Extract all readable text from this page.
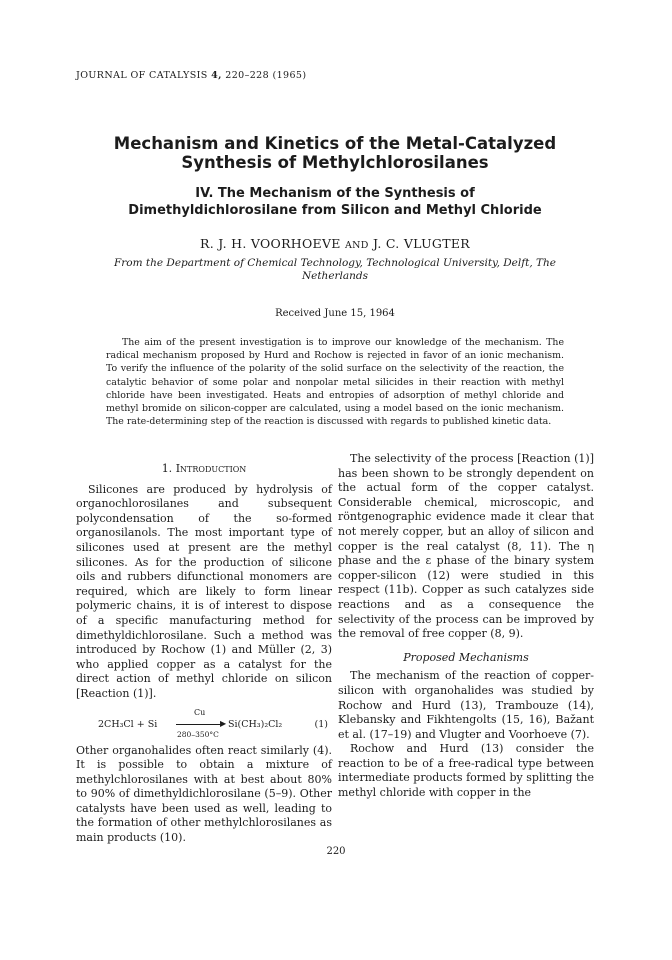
JOURNAL OF CATALYSIS 4, 220–228 (1965)
Mechanism and Kinetics of the Metal-Catalyzed Synthesis of Methylchlorosilanes
IV. The Mechanism of the Synthesis of Dimethyldichlorosilane from Silicon and Methyl Chloride
R. J. H. VOORHOEVE AND J. C. VLUGTER
From the Department of Chemical Technology, Technological University, Delft, The Netherlands
Received June 15, 1964
The aim of the present investigation is to improve our knowledge of the mechanism. The radical mechanism proposed by Hurd and Rochow is rejected in favor of an ionic mechanism. To verify the influence of the polarity of the solid surface on the selectivity of the reaction, the catalytic behavior of some polar and nonpolar metal silicides in their reaction with methyl chloride have been investigated. Heats and entropies of adsorption of methyl chloride and methyl bromide on silicon-copper are calculated, using a model based on the ionic mechanism. The rate-determining step of the reaction is discussed with regards to published kinetic data.
1. Introduction

Silicones are produced by hydrolysis of organochlorosilanes and subsequent polycondensation of the so-formed organosilanols. The most important type of silicones used at present are the methyl silicones. As for the production of silicone oils and rubbers difunctional monomers are required, which are likely to form linear polymeric chains, it is of interest to dispose of a specific manufacturing method for dimethyldichlorosilane. Such a method was introduced by Rochow (1) and Müller (2, 3) who applied copper as a catalyst for the direct action of methyl chloride on silicon [Reaction (1)].

2CH₃Cl + Si
Cu
▶
280–350°C
Si(CH₃)₂Cl₂	(1)

Other organohalides often react similarly (4). It is possible to obtain a mixture of methylchlorosilanes with at best about 80% to 90% of dimethyldichlorosilane (5–9). Other catalysts have been used as well, leading to the formation of other methylchlorosilanes as main products (10).

The selectivity of the process [Reaction (1)] has been shown to be strongly dependent on the actual form of the copper catalyst. Considerable chemical, microscopic, and röntgenographic evidence made it clear that not merely copper, but an alloy of silicon and copper is the real catalyst (8, 11). The η phase and the ε phase of the binary system copper-silicon (12) were studied in this respect (11b). Copper as such catalyzes side reactions and as a consequence the selectivity of the process can be improved by the removal of free copper (8, 9).

Proposed Mechanisms

The mechanism of the reaction of copper-silicon with organohalides was studied by Rochow and Hurd (13), Trambouze (14), Klebansky and Fikhtengolts (15, 16), Bažant et al. (17–19) and Vlugter and Voorhoeve (7).

Rochow and Hurd (13) consider the reaction to be of a free-radical type between intermediate products formed by splitting the methyl chloride with copper in the

220
